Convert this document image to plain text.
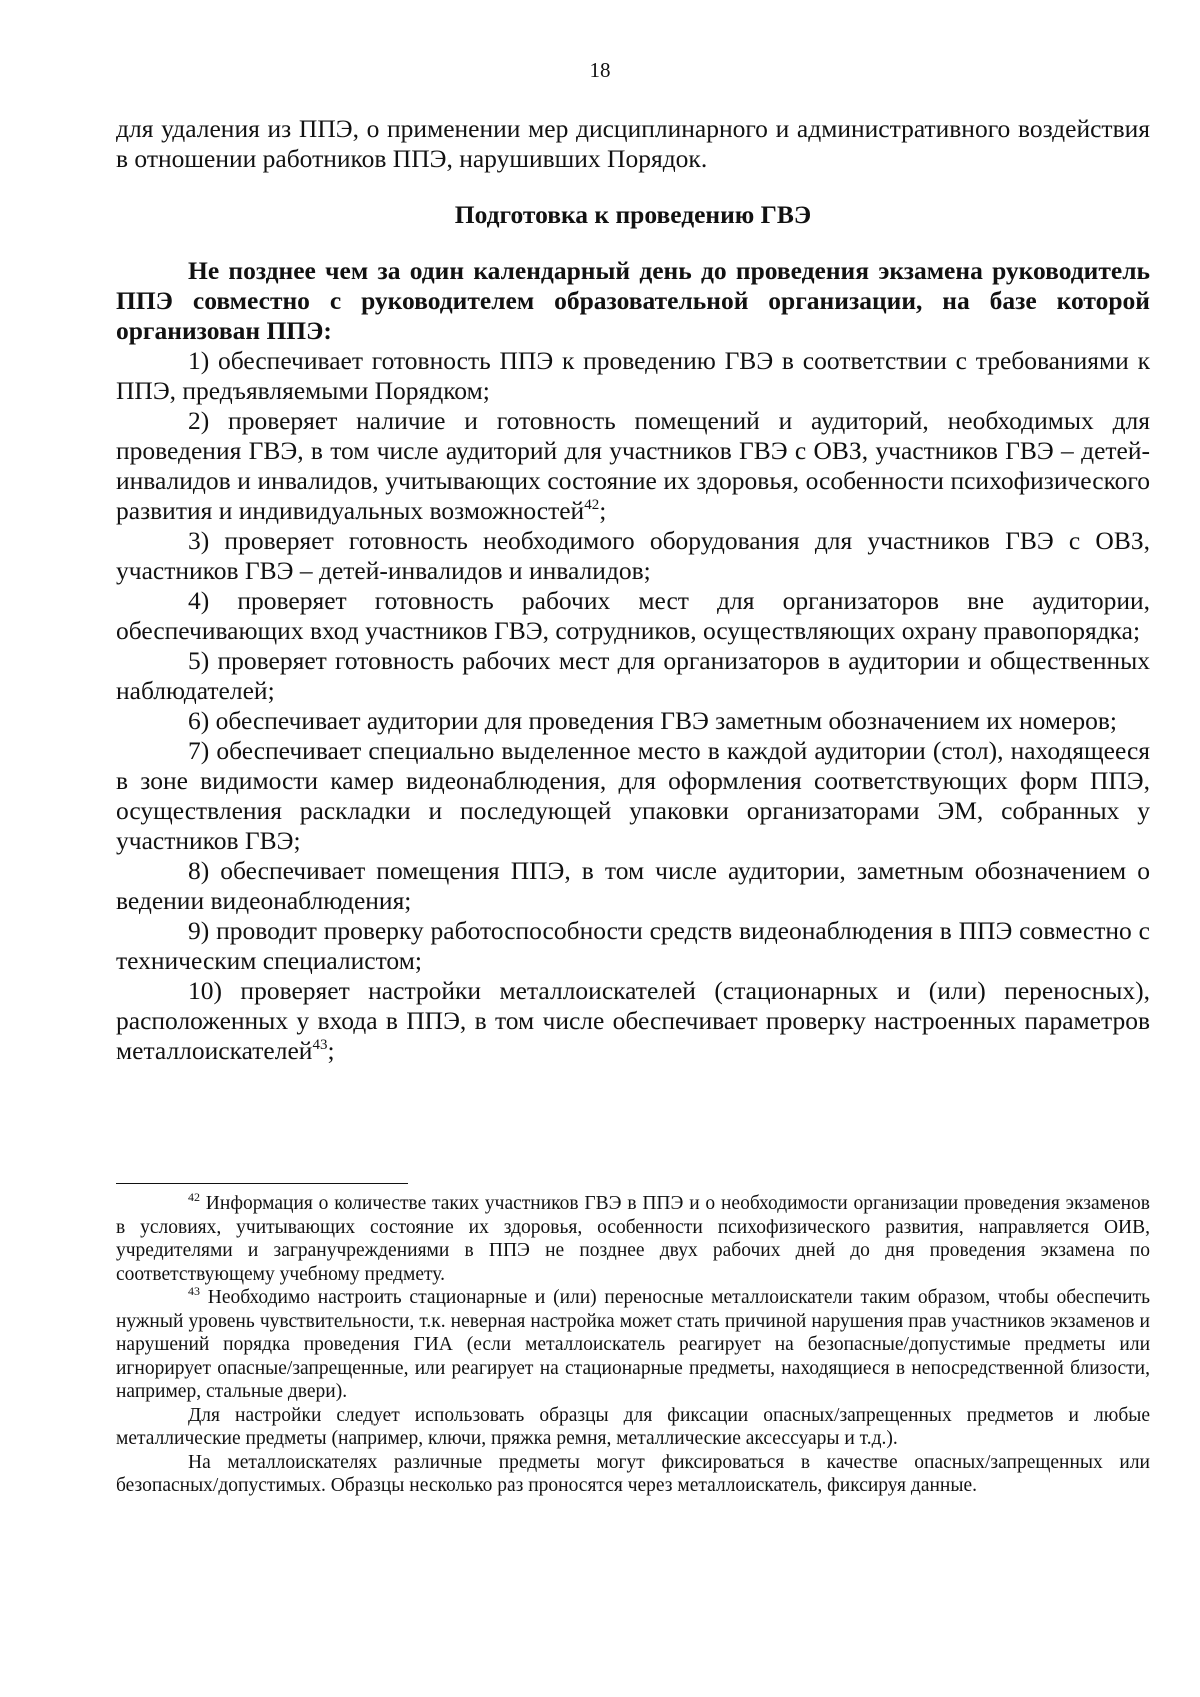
18

для удаления из ППЭ, о применении мер дисциплинарного и административного воздействия в отношении работников ППЭ, нарушивших Порядок.

Подготовка к проведению ГВЭ

Не позднее чем за один календарный день до проведения экзамена руководитель ППЭ совместно с руководителем образовательной организации, на базе которой организован ППЭ:

1) обеспечивает готовность ППЭ к проведению ГВЭ в соответствии с требованиями к ППЭ, предъявляемыми Порядком;

2) проверяет наличие и готовность помещений и аудиторий, необходимых для проведения ГВЭ, в том числе аудиторий для участников ГВЭ с ОВЗ, участников ГВЭ – детей-инвалидов и инвалидов, учитывающих состояние их здоровья, особенности психофизического развития и индивидуальных возможностей$^{42}$;

3) проверяет готовность необходимого оборудования для участников ГВЭ с ОВЗ, участников ГВЭ – детей-инвалидов и инвалидов;

4) проверяет готовность рабочих мест для организаторов вне аудитории, обеспечивающих вход участников ГВЭ, сотрудников, осуществляющих охрану правопорядка;

5) проверяет готовность рабочих мест для организаторов в аудитории и общественных наблюдателей;

6) обеспечивает аудитории для проведения ГВЭ заметным обозначением их номеров;

7) обеспечивает специально выделенное место в каждой аудитории (стол), находящееся в зоне видимости камер видеонаблюдения, для оформления соответствующих форм ППЭ, осуществления раскладки и последующей упаковки организаторами ЭМ, собранных у участников ГВЭ;

8) обеспечивает помещения ППЭ, в том числе аудитории, заметным обозначением о ведении видеонаблюдения;

9) проводит проверку работоспособности средств видеонаблюдения в ППЭ совместно с техническим специалистом;

10) проверяет настройки металлоискателей (стационарных и (или) переносных), расположенных у входа в ППЭ, в том числе обеспечивает проверку настроенных параметров металлоискателей$^{43}$;

$^{42}$ Информация о количестве таких участников ГВЭ в ППЭ и о необходимости организации проведения экзаменов в условиях, учитывающих состояние их здоровья, особенности психофизического развития, направляется ОИВ, учредителями и загранучреждениями в ППЭ не позднее двух рабочих дней до дня проведения экзамена по соответствующему учебному предмету.

$^{43}$ Необходимо настроить стационарные и (или) переносные металлоискатели таким образом, чтобы обеспечить нужный уровень чувствительности, т.к. неверная настройка может стать причиной нарушения прав участников экзаменов и нарушений порядка проведения ГИА (если металлоискатель реагирует на безопасные/допустимые предметы или игнорирует опасные/запрещенные, или реагирует на стационарные предметы, находящиеся в непосредственной близости, например, стальные двери).

Для настройки следует использовать образцы для фиксации опасных/запрещенных предметов и любые металлические предметы (например, ключи, пряжка ремня, металлические аксессуары и т.д.).

На металлоискателях различные предметы могут фиксироваться в качестве опасных/запрещенных или безопасных/допустимых. Образцы несколько раз проносятся через металлоискатель, фиксируя данные.
